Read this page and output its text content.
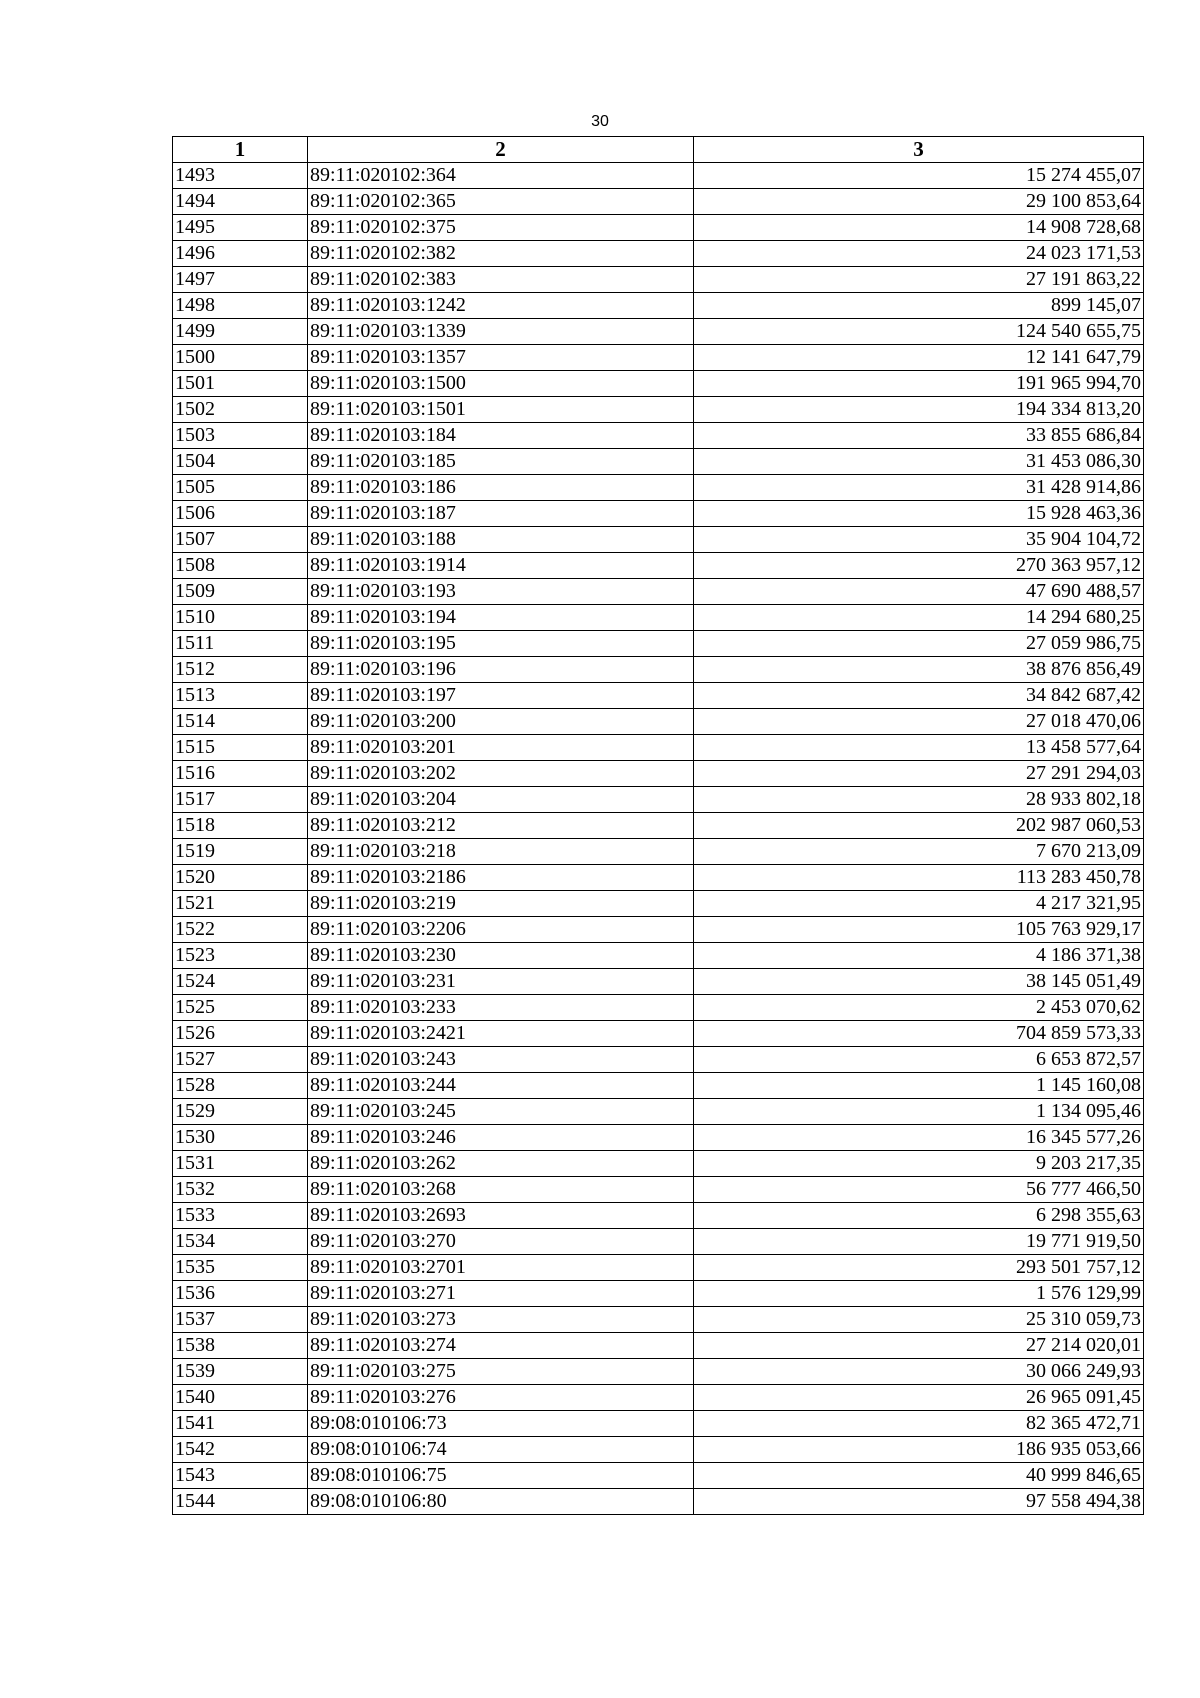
30
1	2	3
1493	89:11:020102:364	15 274 455,07
1494	89:11:020102:365	29 100 853,64
1495	89:11:020102:375	14 908 728,68
1496	89:11:020102:382	24 023 171,53
1497	89:11:020102:383	27 191 863,22
1498	89:11:020103:1242	899 145,07
1499	89:11:020103:1339	124 540 655,75
1500	89:11:020103:1357	12 141 647,79
1501	89:11:020103:1500	191 965 994,70
1502	89:11:020103:1501	194 334 813,20
1503	89:11:020103:184	33 855 686,84
1504	89:11:020103:185	31 453 086,30
1505	89:11:020103:186	31 428 914,86
1506	89:11:020103:187	15 928 463,36
1507	89:11:020103:188	35 904 104,72
1508	89:11:020103:1914	270 363 957,12
1509	89:11:020103:193	47 690 488,57
1510	89:11:020103:194	14 294 680,25
1511	89:11:020103:195	27 059 986,75
1512	89:11:020103:196	38 876 856,49
1513	89:11:020103:197	34 842 687,42
1514	89:11:020103:200	27 018 470,06
1515	89:11:020103:201	13 458 577,64
1516	89:11:020103:202	27 291 294,03
1517	89:11:020103:204	28 933 802,18
1518	89:11:020103:212	202 987 060,53
1519	89:11:020103:218	7 670 213,09
1520	89:11:020103:2186	113 283 450,78
1521	89:11:020103:219	4 217 321,95
1522	89:11:020103:2206	105 763 929,17
1523	89:11:020103:230	4 186 371,38
1524	89:11:020103:231	38 145 051,49
1525	89:11:020103:233	2 453 070,62
1526	89:11:020103:2421	704 859 573,33
1527	89:11:020103:243	6 653 872,57
1528	89:11:020103:244	1 145 160,08
1529	89:11:020103:245	1 134 095,46
1530	89:11:020103:246	16 345 577,26
1531	89:11:020103:262	9 203 217,35
1532	89:11:020103:268	56 777 466,50
1533	89:11:020103:2693	6 298 355,63
1534	89:11:020103:270	19 771 919,50
1535	89:11:020103:2701	293 501 757,12
1536	89:11:020103:271	1 576 129,99
1537	89:11:020103:273	25 310 059,73
1538	89:11:020103:274	27 214 020,01
1539	89:11:020103:275	30 066 249,93
1540	89:11:020103:276	26 965 091,45
1541	89:08:010106:73	82 365 472,71
1542	89:08:010106:74	186 935 053,66
1543	89:08:010106:75	40 999 846,65
1544	89:08:010106:80	97 558 494,38
